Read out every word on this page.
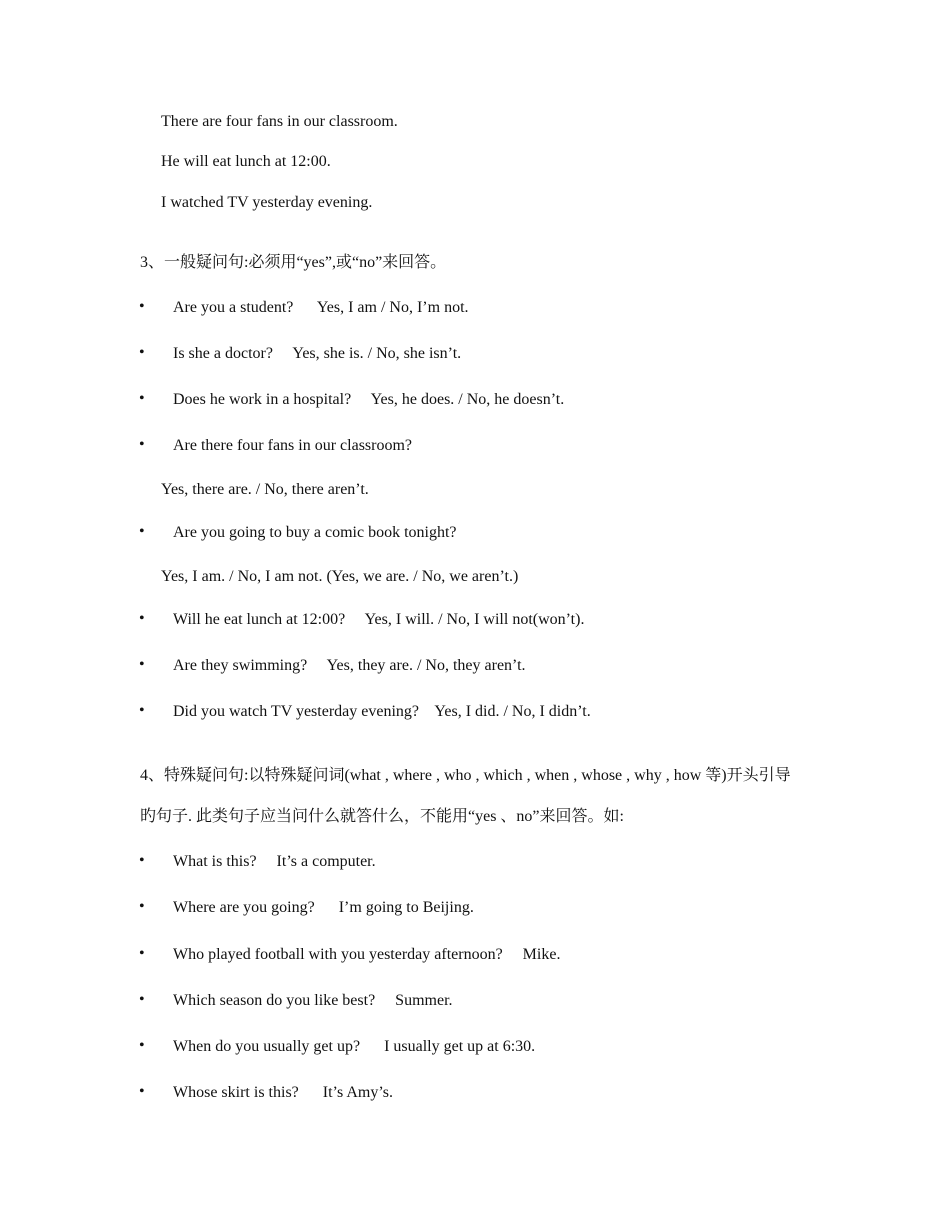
There are four fans in our classroom.
He will eat lunch at 12:00.
I watched TV yesterday evening.
3、一般疑问句:必须用“yes”,或“no”来回答。
• Are you a student?      Yes, I am / No, I’m not.
• Is she a doctor?     Yes, she is. / No, she isn’t.
• Does he work in a hospital?     Yes, he does. / No, he doesn’t.
• Are there four fans in our classroom?
Yes, there are. / No, there aren’t.
• Are you going to buy a comic book tonight?
Yes, I am. / No, I am not. (Yes, we are. / No, we aren’t.)
• Will he eat lunch at 12:00?     Yes, I will. / No, I will not(won’t).
• Are they swimming?     Yes, they are. / No, they aren’t.
• Did you watch TV yesterday evening?    Yes, I did. / No, I didn’t.
4、特殊疑问句:以特殊疑问词(what , where , who , which , when , whose , why , how 等)开头引导
旳句子. 此类句子应当问什么就答什么，不能用“yes 、no”来回答。如:
• What is this?     It’s a computer.
• Where are you going?      I’m going to Beijing.
• Who played football with you yesterday afternoon?     Mike.
• Which season do you like best?     Summer.
• When do you usually get up?      I usually get up at 6:30.
• Whose skirt is this?      It’s Amy’s.
